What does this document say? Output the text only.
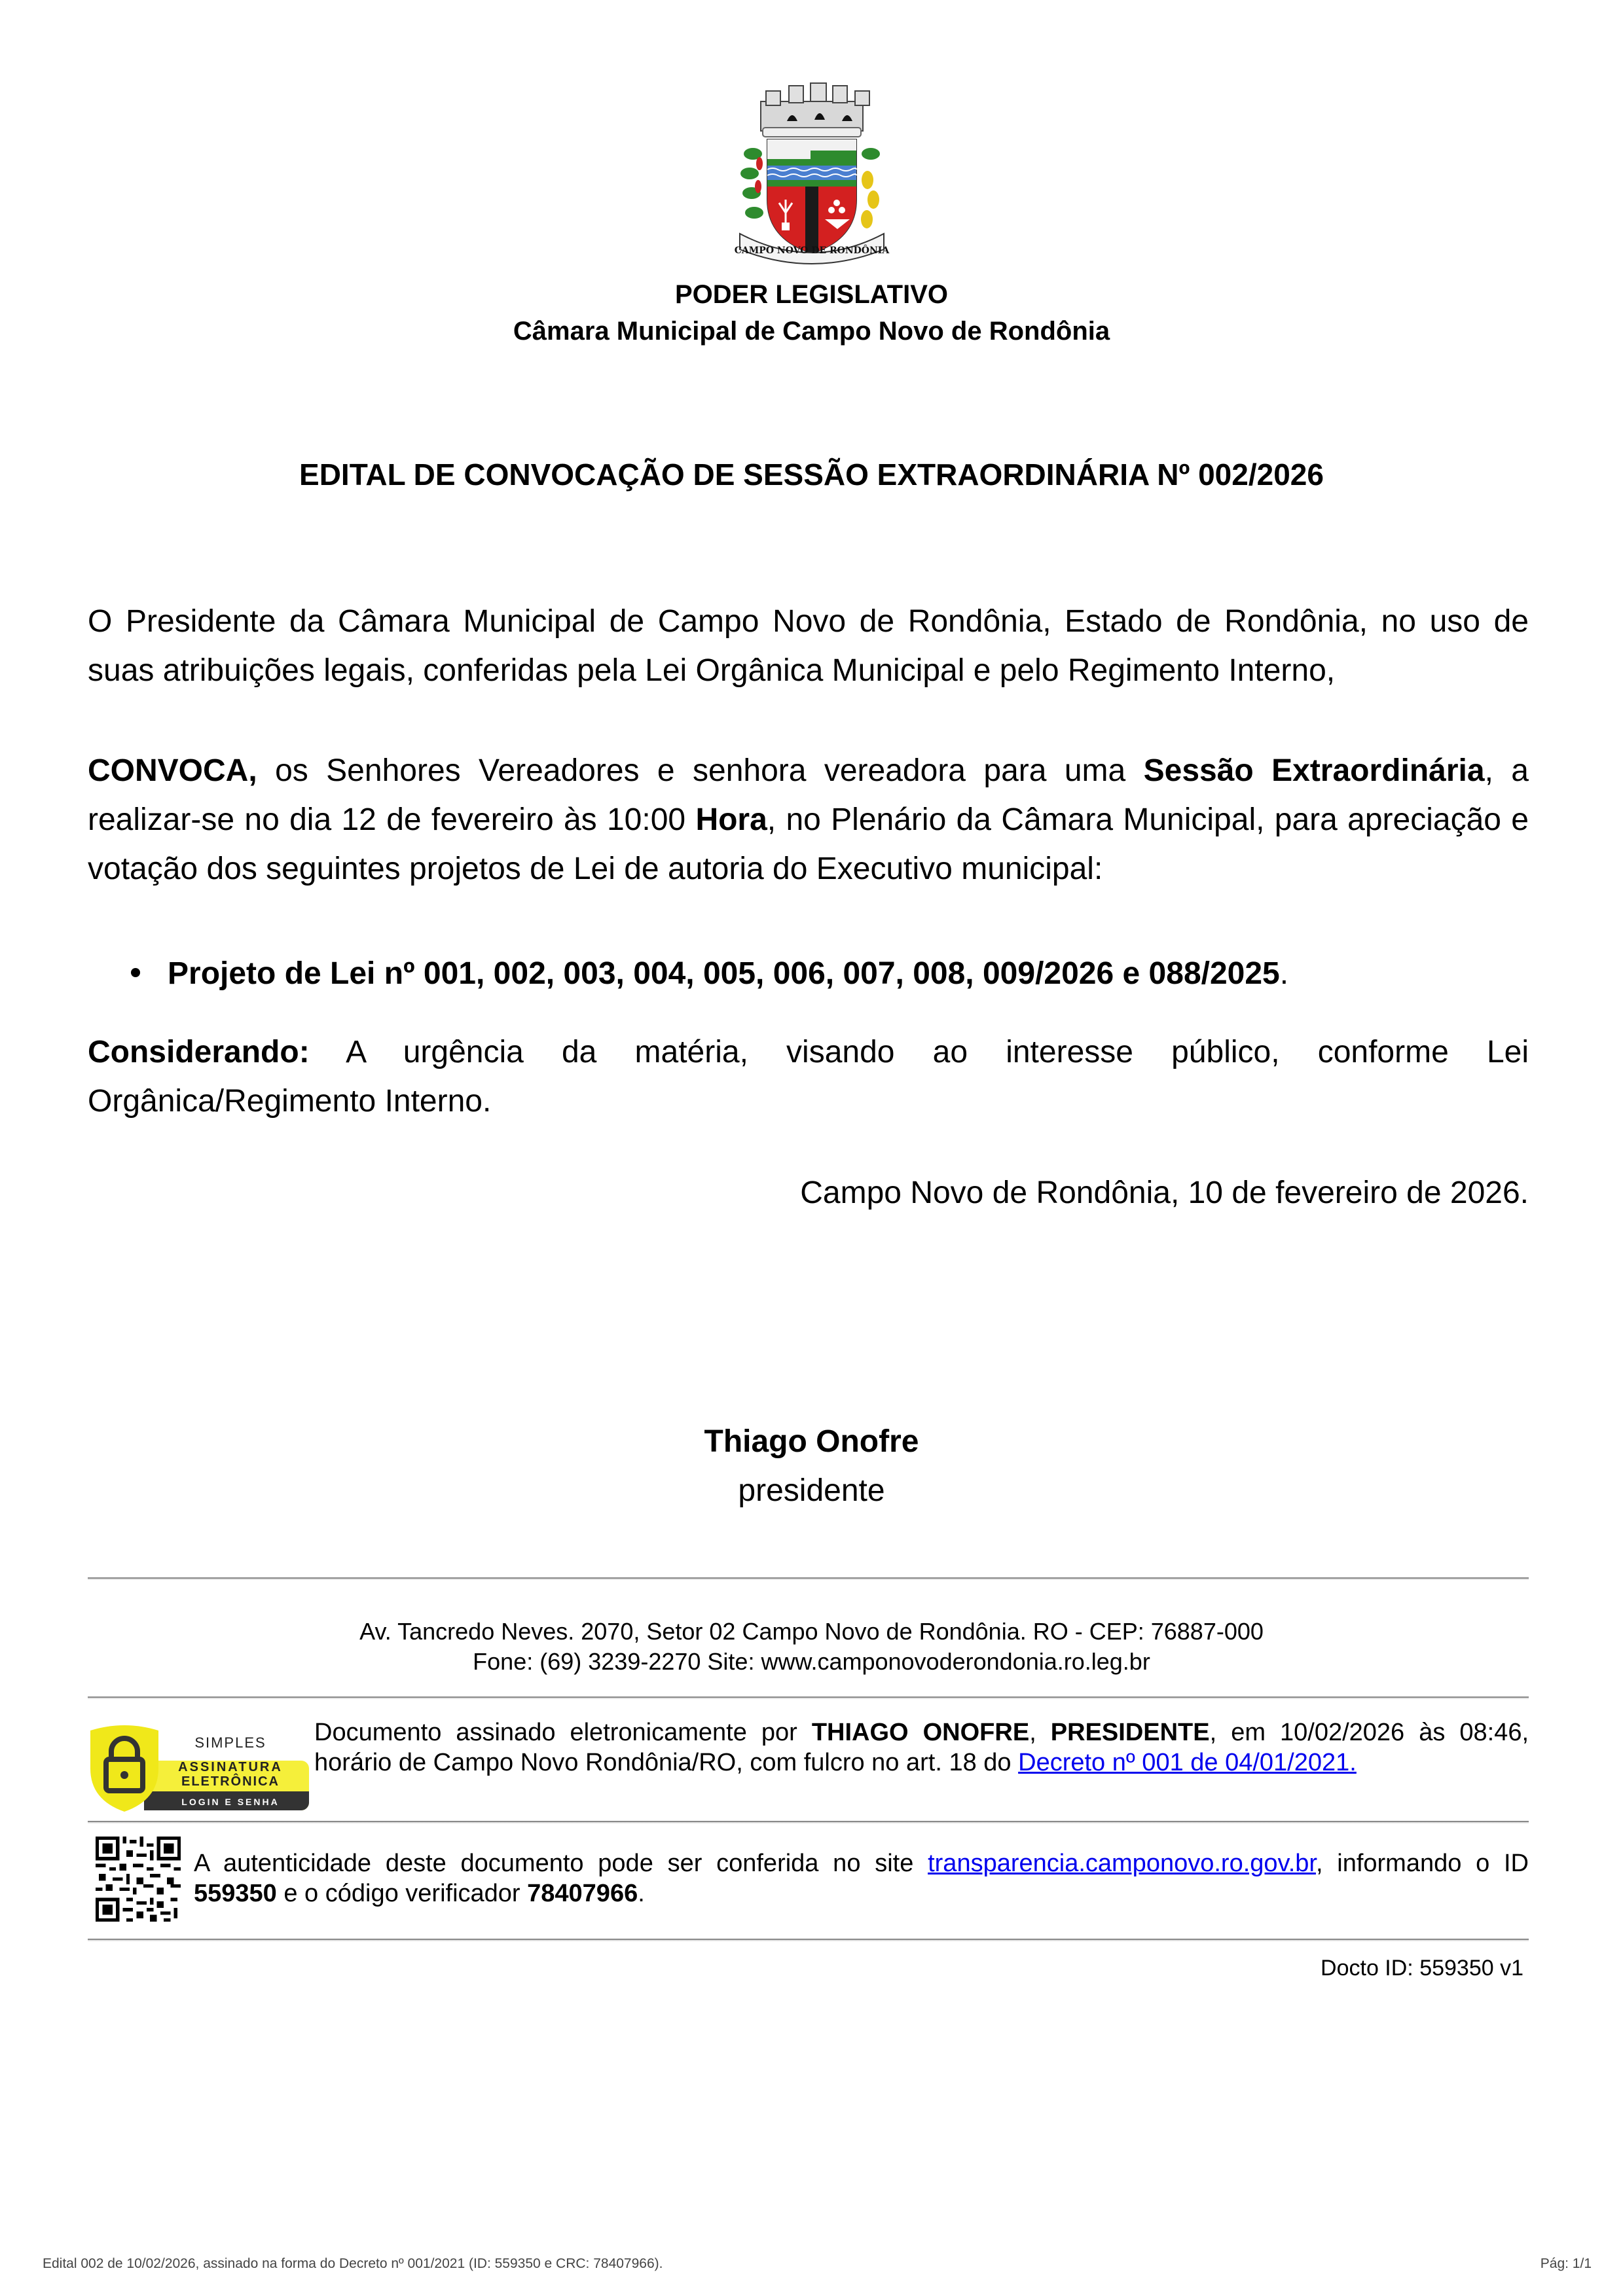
CAMPO NOVO DE RONDÔNIA
PODER LEGISLATIVO
Câmara Municipal de Campo Novo de Rondônia
EDITAL DE CONVOCAÇÃO DE SESSÃO EXTRAORDINÁRIA Nº 002/2026
O Presidente da Câmara Municipal de Campo Novo de Rondônia, Estado de Rondônia, no uso de suas atribuições legais, conferidas pela Lei Orgânica Municipal e pelo Regimento Interno,
CONVOCA, os Senhores Vereadores e senhora vereadora para uma Sessão Extraordinária, a realizar-se no dia 12 de fevereiro às 10:00 Hora, no Plenário da Câmara Municipal, para apreciação e votação dos seguintes projetos de Lei de autoria do Executivo municipal:
Projeto de Lei nº 001, 002, 003, 004, 005, 006, 007, 008, 009/2026 e 088/2025.
Considerando: A urgência da matéria, visando ao interesse público, conforme Lei Orgânica/Regimento Interno.
Campo Novo de Rondônia, 10 de fevereiro de 2026.
Thiago Onofre
presidente
Av. Tancredo Neves. 2070, Setor 02 Campo Novo de Rondônia. RO - CEP: 76887-000
Fone: (69) 3239-2270 Site: www.camponovoderondonia.ro.leg.br
SIMPLES
ASSINATURA
ELETRÔNICA
LOGIN E SENHA
Documento assinado eletronicamente por THIAGO ONOFRE, PRESIDENTE, em 10/02/2026 às 08:46, horário de Campo Novo Rondônia/RO, com fulcro no art. 18 do Decreto nº 001 de 04/01/2021.
A autenticidade deste documento pode ser conferida no site transparencia.camponovo.ro.gov.br, informando o ID 559350 e o código verificador 78407966.
Docto ID: 559350 v1
Edital 002 de 10/02/2026, assinado na forma do Decreto nº 001/2021 (ID: 559350 e CRC: 78407966).	Pág: 1/1
